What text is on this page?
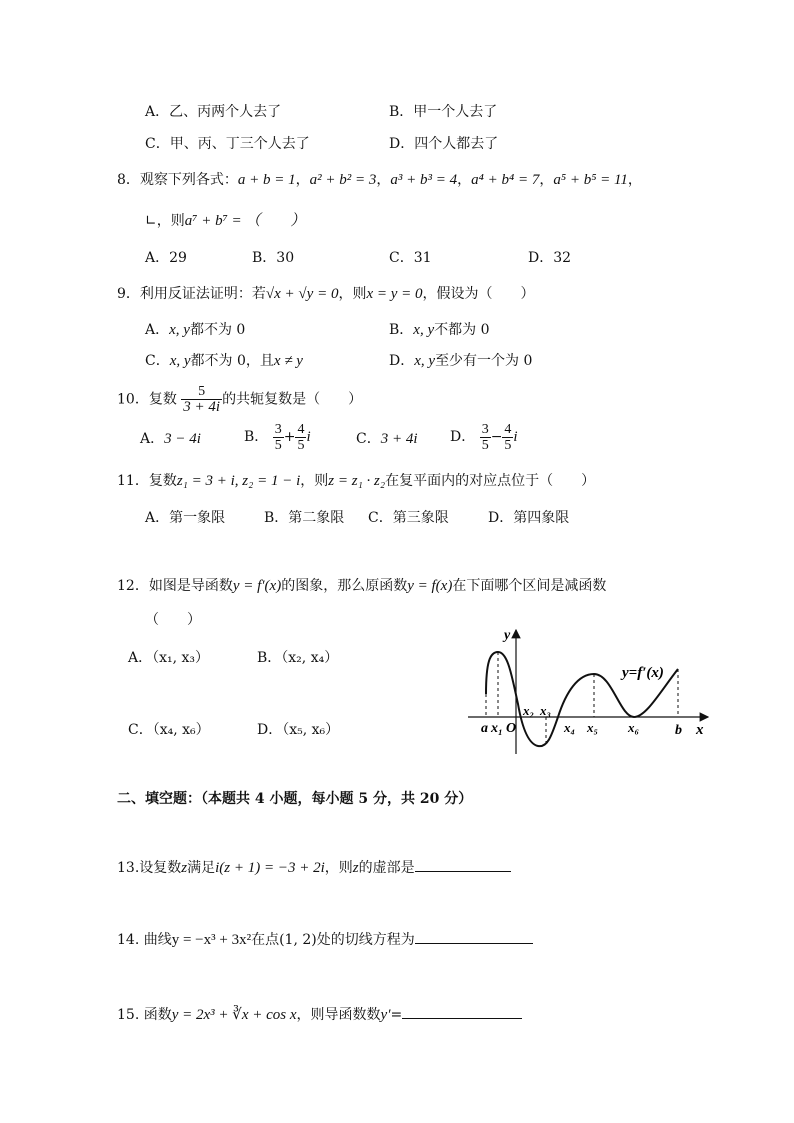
A．乙、丙两个人去了	B．甲一个人去了
C．甲、丙、丁三个人去了	D．四个人都去了
8．观察下列各式：a + b = 1，a² + b² = 3，a³ + b³ = 4，a⁴ + b⁴ = 7，a⁵ + b⁵ = 11，
∟，则a⁷ + b⁷ = （　　）
A．29	B．30	C．31	D．32
9．利用反证法证明：若√x + √y = 0，则x = y = 0，假设为（　　）
A．x, y都不为 0	B．x, y不都为 0
C．x, y都不为 0，且x ≠ y	D．x, y至少有一个为 0
10．复数 $\frac{5}{3 + 4i}$ 的共轭复数是（　　）
A．3 − 4i	B． $\frac{3}{5} + \frac{4}{5}$ i	C．3 + 4i D． $\frac{3}{5} - \frac{4}{5}$ i
11．复数z₁ = 3 + i, z₂ = 1 − i，则z = z₁ · z₂在复平面内的对应点位于（　　）
A．第一象限	B．第二象限 C．第三象限	D．第四象限
12．如图是导函数y = f′(x)的图象，那么原函数y = f(x)在下面哪个区间是减函数
（　　）
A．（x₁, x₃）	B．（x₂, x₄）
C．（x₄, x₆）	D．（x₅, x₆）
y
y=f′(x)
a x₁ O
x₂ x₃
x₄ x₅ x₆	b x
二、填空题：（本题共 4 小题，每小题 5 分，共 20 分）
13.设复数z满足i(z + 1) = −3 + 2i，则z的虚部是
14. 曲线y = −x³ + 3x²在点(1, 2)处的切线方程为
15. 函数y = 2x³ + ∛x + cos x，则导函数数y′=
